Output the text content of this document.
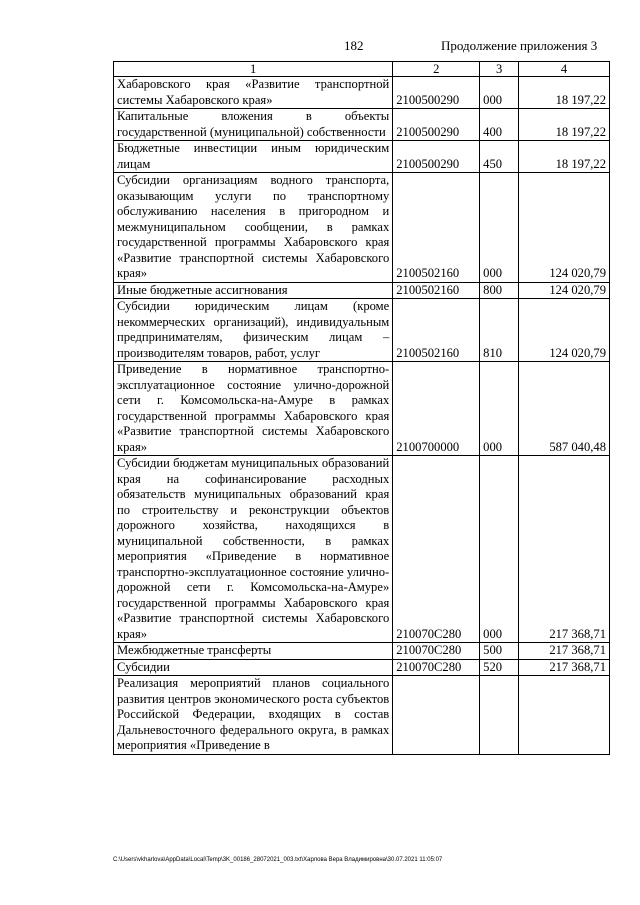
182	Продолжение приложения 3
1	2	3	4
Хабаровского края «Развитие транспортной системы Хабаровского края»	2100500290	000	18 197,22
Капитальные вложения в объекты государственной (муниципальной) собственности	2100500290	400	18 197,22
Бюджетные инвестиции иным юридическим лицам	2100500290	450	18 197,22
Субсидии организациям водного транспорта, оказывающим услуги по транспортному обслуживанию населения в пригородном и межмуниципальном сообщении, в рамках государственной программы Хабаровского края «Развитие транспортной системы Хабаровского края»	2100502160	000	124 020,79
Иные бюджетные ассигнования	2100502160	800	124 020,79
Субсидии юридическим лицам (кроме некоммерческих организаций), индивидуальным предпринимателям, физическим лицам – производителям товаров, работ, услуг	2100502160	810	124 020,79
Приведение в нормативное транспортно-эксплуатационное состояние улично-дорожной сети г. Комсомольска-на-Амуре в рамках государственной программы Хабаровского края «Развитие транспортной системы Хабаровского края»	2100700000	000	587 040,48
Субсидии бюджетам муниципальных образований края на софинансирование расходных обязательств муниципальных образований края по строительству и реконструкции объектов дорожного хозяйства, находящихся в муниципальной собственности, в рамках мероприятия «Приведение в нормативное транспортно-эксплуатационное состояние улично-дорожной сети г. Комсомольска-на-Амуре» государственной программы Хабаровского края «Развитие транспортной системы Хабаровского края»	210070С280	000	217 368,71
Межбюджетные трансферты	210070С280	500	217 368,71
Субсидии	210070С280	520	217 368,71
Реализация мероприятий планов социального развития центров экономического роста субъектов Российской Федерации, входящих в состав Дальневосточного федерального округа, в рамках мероприятия «Приведение в			
C:\Users\vkharlova\AppData\Local\Temp\3K_00186_28072021_003.txt\Харлова Вера Владимировна\30.07.2021 11:05:07
